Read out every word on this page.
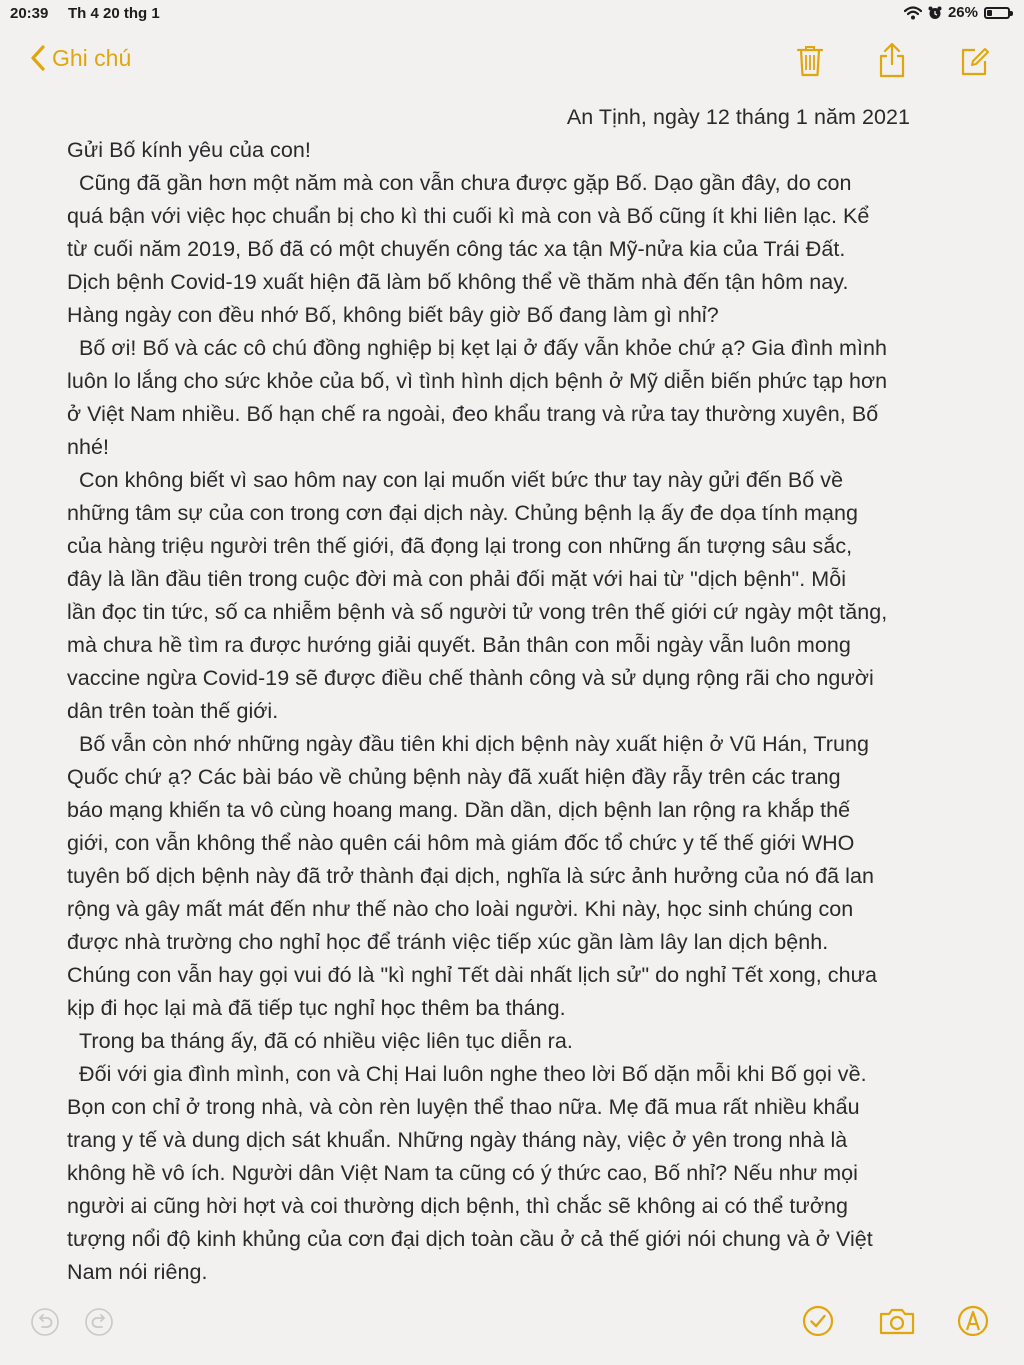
20:39 Th 4 20 thg 1	26%
Ghi chú
An Tịnh, ngày 12 tháng 1 năm 2021

Gửi Bố kính yêu của con!

Cũng đã gần hơn một năm mà con vẫn chưa được gặp Bố. Dạo gần đây, do con

quá bận với việc học chuẩn bị cho kì thi cuối kì mà con và Bố cũng ít khi liên lạc. Kể

từ cuối năm 2019, Bố đã có một chuyến công tác xa tận Mỹ-nửa kia của Trái Đất.

Dịch bệnh Covid-19 xuất hiện đã làm bố không thể về thăm nhà đến tận hôm nay.

Hàng ngày con đều nhớ Bố, không biết bây giờ Bố đang làm gì nhỉ?

Bố ơi! Bố và các cô chú đồng nghiệp bị kẹt lại ở đấy vẫn khỏe chứ ạ? Gia đình mình

luôn lo lắng cho sức khỏe của bố, vì tình hình dịch bệnh ở Mỹ diễn biến phức tạp hơn

ở Việt Nam nhiều. Bố hạn chế ra ngoài, đeo khẩu trang và rửa tay thường xuyên, Bố

nhé!

Con không biết vì sao hôm nay con lại muốn viết bức thư tay này gửi đến Bố về

những tâm sự của con trong cơn đại dịch này. Chủng bệnh lạ ấy đe dọa tính mạng

của hàng triệu người trên thế giới, đã đọng lại trong con những ấn tượng sâu sắc,

đây là lần đầu tiên trong cuộc đời mà con phải đối mặt với hai từ "dịch bệnh". Mỗi

lần đọc tin tức, số ca nhiễm bệnh và số người tử vong trên thế giới cứ ngày một tăng,

mà chưa hề tìm ra được hướng giải quyết. Bản thân con mỗi ngày vẫn luôn mong

vaccine ngừa Covid-19 sẽ được điều chế thành công và sử dụng rộng rãi cho người

dân trên toàn thế giới.

Bố vẫn còn nhớ những ngày đầu tiên khi dịch bệnh này xuất hiện ở Vũ Hán, Trung

Quốc chứ ạ? Các bài báo về chủng bệnh này đã xuất hiện đầy rẫy trên các trang

báo mạng khiến ta vô cùng hoang mang. Dần dần, dịch bệnh lan rộng ra khắp thế

giới, con vẫn không thể nào quên cái hôm mà giám đốc tổ chức y tế thế giới WHO

tuyên bố dịch bệnh này đã trở thành đại dịch, nghĩa là sức ảnh hưởng của nó đã lan

rộng và gây mất mát đến như thế nào cho loài người. Khi này, học sinh chúng con

được nhà trường cho nghỉ học để tránh việc tiếp xúc gần làm lây lan dịch bệnh.

Chúng con vẫn hay gọi vui đó là "kì nghỉ Tết dài nhất lịch sử" do nghỉ Tết xong, chưa

kịp đi học lại mà đã tiếp tục nghỉ học thêm ba tháng.

Trong ba tháng ấy, đã có nhiều việc liên tục diễn ra.

Đối với gia đình mình, con và Chị Hai luôn nghe theo lời Bố dặn mỗi khi Bố gọi về.

Bọn con chỉ ở trong nhà, và còn rèn luyện thể thao nữa. Mẹ đã mua rất nhiều khẩu

trang y tế và dung dịch sát khuẩn. Những ngày tháng này, việc ở yên trong nhà là

không hề vô ích. Người dân Việt Nam ta cũng có ý thức cao, Bố nhỉ? Nếu như mọi

người ai cũng hời hợt và coi thường dịch bệnh, thì chắc sẽ không ai có thể tưởng

tượng nổi độ kinh khủng của cơn đại dịch toàn cầu ở cả thế giới nói chung và ở Việt

Nam nói riêng.
